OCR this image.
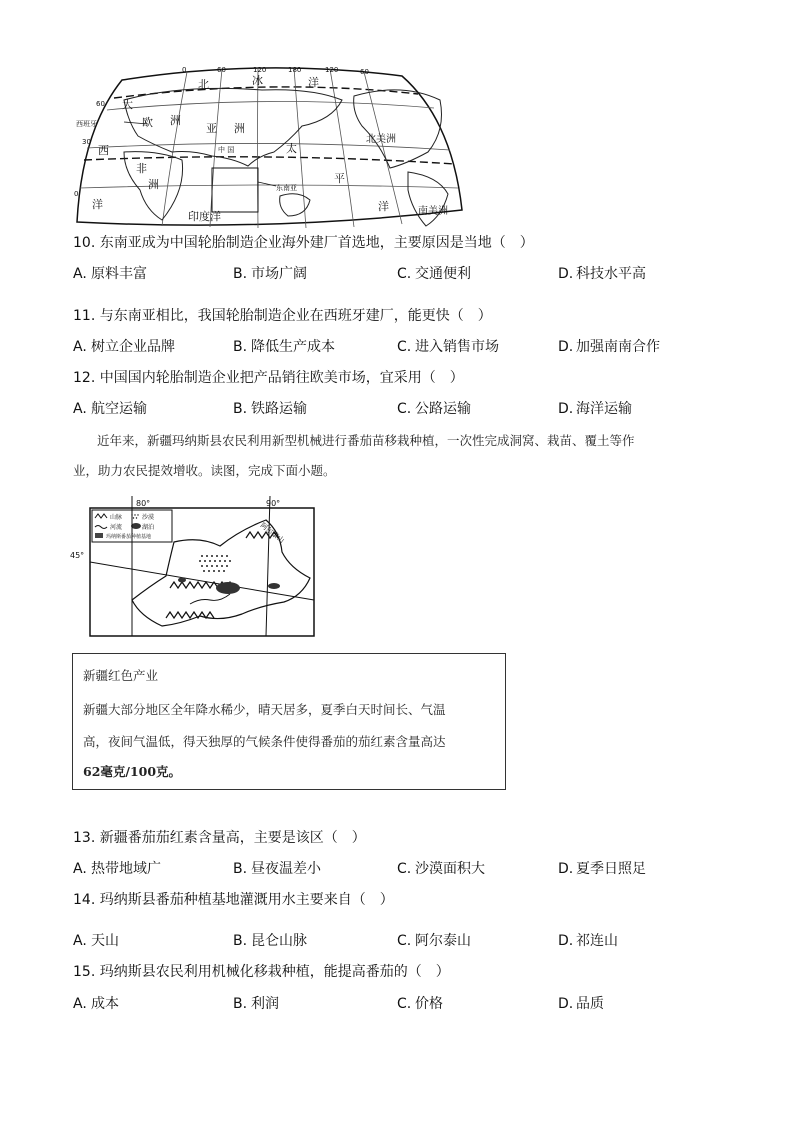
0	60	120	180	120	60
60
30
0
北	冰	洋
大
欧 洲
亚 洲
西班牙
北美洲
西	中 国	太
非
洲	东南亚
平
洋
印度洋
洋	南美洲
10. 东南亚成为中国轮胎制造企业海外建厂首选地，主要原因是当地（　）
A. 原料丰富	B. 市场广阔	C. 交通便利	D. 科技水平高
11. 与东南亚相比，我国轮胎制造企业在西班牙建厂，能更快（　）
A. 树立企业品牌	B. 降低生产成本	C. 进入销售市场	D. 加强南南合作
12. 中国国内轮胎制造企业把产品销往欧美市场，宜采用（　）
A. 航空运输	B. 铁路运输	C. 公路运输	D. 海洋运输
近年来，新疆玛纳斯县农民利用新型机械进行番茄苗移栽种植，一次性完成洞窝、栽苗、覆土等作
业，助力农民提效增收。读图，完成下面小题。
山脉	沙漠
河流	湖泊
玛纳斯番茄种植基地
80°	90°
45°
阿尔泰山

新疆红色产业

新疆大部分地区全年降水稀少，晴天居多，夏季白天时间长、气温

高，夜间气温低，得天独厚的气候条件使得番茄的茄红素含量高达

62毫克/100克。

13. 新疆番茄茄红素含量高，主要是该区（　）
A. 热带地域广	B. 昼夜温差小	C. 沙漠面积大	D. 夏季日照足
14. 玛纳斯县番茄种植基地灌溉用水主要来自（　）
A. 天山	B. 昆仑山脉	C. 阿尔泰山	D. 祁连山
15. 玛纳斯县农民利用机械化移栽种植，能提高番茄的（　）
A. 成本	B. 利润	C. 价格	D. 品质
